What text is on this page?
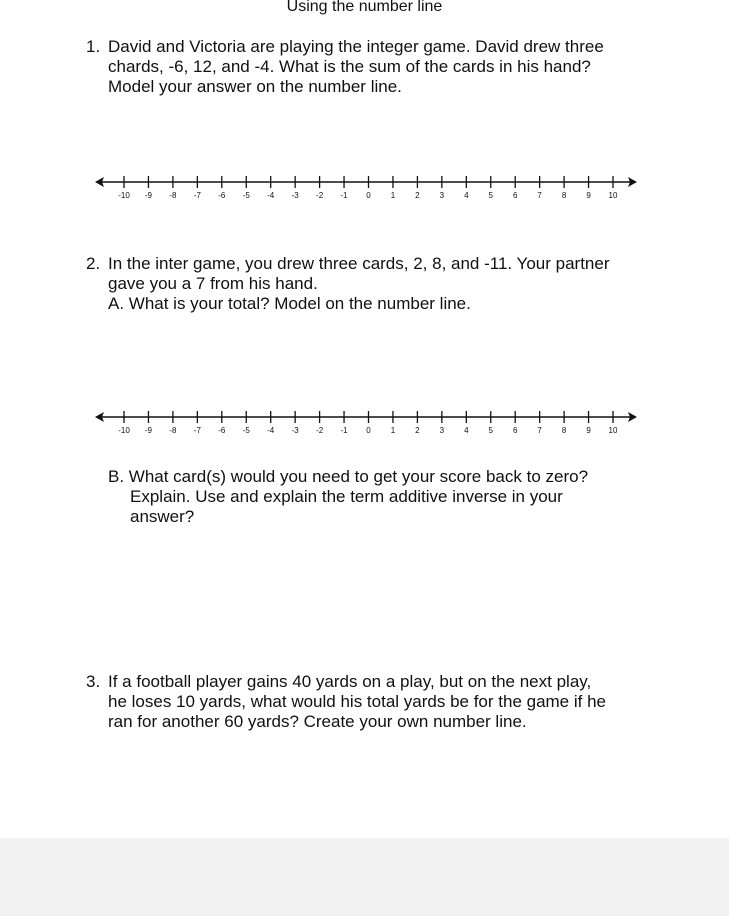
Using the number line
1. David and Victoria are playing the integer game. David drew three
chards, -6, 12, and -4. What is the sum of the cards in his hand?
Model your answer on the number line.
-10 -9 -8 -7 -6 -5 -4 -3 -2 -1 0 1 2 3 4 5 6 7 8 9 10
2. In the inter game, you drew three cards, 2, 8, and -11. Your partner
gave you a 7 from his hand.
A. What is your total? Model on the number line.
-10 -9 -8 -7 -6 -5 -4 -3 -2 -1 0 1 2 3 4 5 6 7 8 9 10
B. What card(s) would you need to get your score back to zero?
Explain. Use and explain the term additive inverse in your
answer?
3. If a football player gains 40 yards on a play, but on the next play,
he loses 10 yards, what would his total yards be for the game if he
ran for another 60 yards? Create your own number line.
